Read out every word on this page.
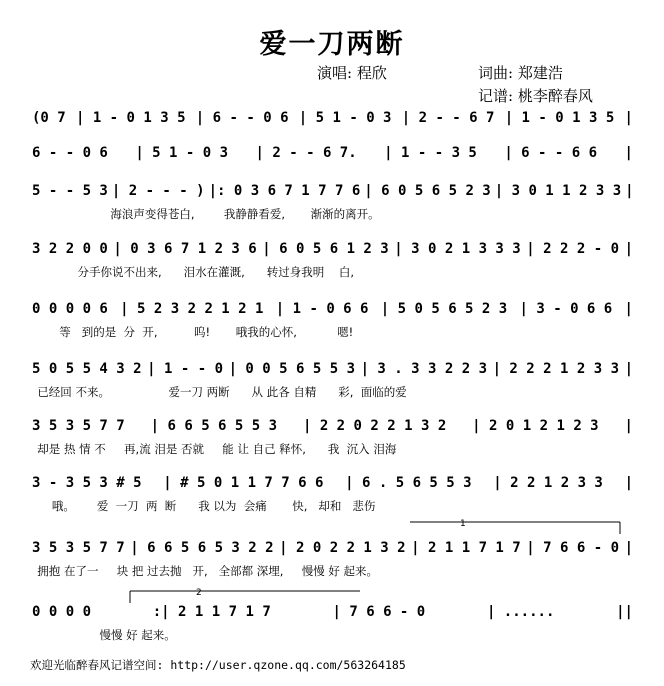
爱一刀两断
演唱: 程欣	词曲: 郑建浩
记谱: 桃李醉春风
(0 7 | 1 - 0 1 3 5 | 6 - - 0 6 | 5 1 - 0 3 | 2 - - 6 7 | 1 - 0 1 3 5 |
6 - - 0 6 | 5 1 - 0 3 | 2 - - 6 7. | 1 - - 3 5 | 6 - - 6 6 |
5 - - 5 3 | 2 - - - ) |: 0 3 6 7 1 7 7 6 | 6 0 5 6 5 2 3 | 3 0 1 1 2 3 3 |
海浪声变得苍白,        我静静看爱,       渐渐的离开。
3 2 2 0 0 | 0 3 6 7 1 2 3 6 | 6 0 5 6 1 2 3 | 3 0 2 1 3 3 3 | 2 2 2 - 0 |
分手你说不出来,      泪水在灌溉,      转过身我明    白,
0 0 0 0 6 | 5 2 3 2 2 1 2 1 | 1 - 0 6 6 | 5 0 5 6 5 2 3 | 3 - 0 6 6 |
等   到的是  分  开,          呜!       哦我的心怀,           嗯!
5 0 5 5 4 3 2 | 1 - - 0 | 0 0 5 6 5 5 3 | 3 . 3 3 2 2 3 | 2 2 2 1 2 3 3 |
已经回 不来。                爱一刀 两断      从 此各 自精      彩,  面临的爱
3 5 3 5 7 7 | 6 6 5 6 5 5 3 | 2 2 0 2 2 1 3 2 | 2 0 1 2 1 2 3 |
却是 热 情 不     再,流 泪是 否就     能 让 自己 释怀,      我  沉入 泪海
3 - 3 5 3 # 5 | # 5 0 1 1 7 7 6 6 | 6 . 5 6 5 5 3 | 2 2 1 2 3 3 |
哦。      爱  一刀  两  断      我 以为  会痛       快,   却和   悲伤
3 5 3 5 7 7 | 6 6 5 6 5 3 2 2 | 2 0 2 2 1 3 2 | 2 1 1 7 1 7 | 7 6 6 - 0 |
拥抱 在了一     块 把 过去抛   开,   全部都 深埋,     慢慢 好 起来。
0 0 0 0	:| 2 1 1 7 1 7	| 7 6 6 - 0	| ......	||
慢慢 好 起来。
1
2
欢迎光临醉春风记谱空间: http://user.qzone.qq.com/563264185
